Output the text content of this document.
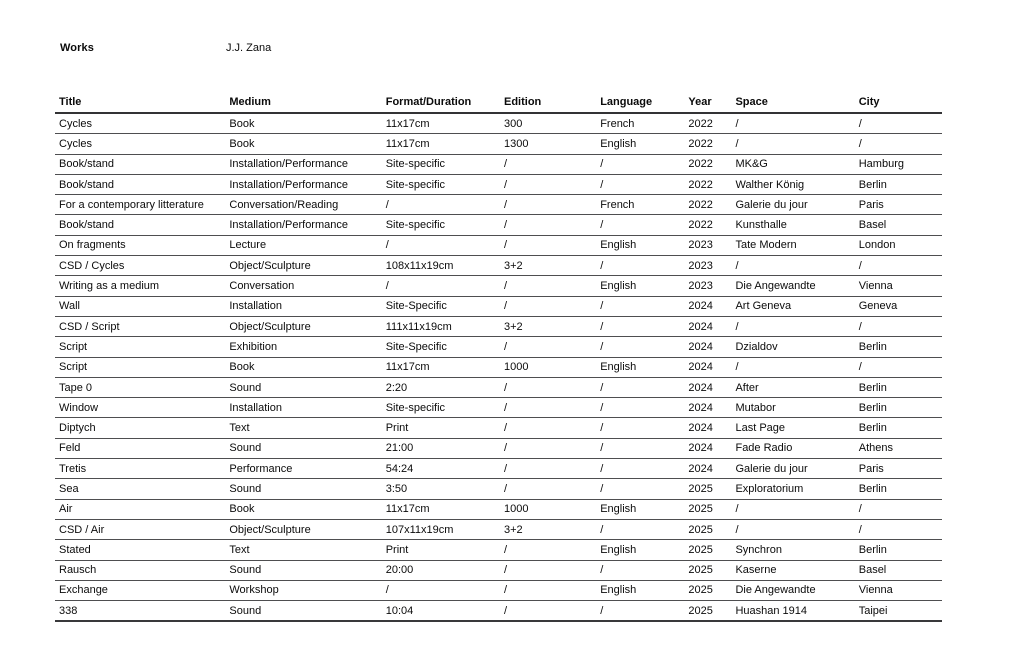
Works	J.J. Zana
Title	Medium	Format/Duration	Edition	Language	Year	Space	City
Cycles	Book	11x17cm	300	French	2022	/	/
Cycles	Book	11x17cm	1300	English	2022	/	/
Book/stand	Installation/Performance	Site-specific	/	/	2022	MK&G	Hamburg
Book/stand	Installation/Performance	Site-specific	/	/	2022	Walther König	Berlin
For a contemporary litterature	Conversation/Reading	/	/	French	2022	Galerie du jour	Paris
Book/stand	Installation/Performance	Site-specific	/	/	2022	Kunsthalle	Basel
On fragments	Lecture	/	/	English	2023	Tate Modern	London
CSD / Cycles	Object/Sculpture	108x11x19cm	3+2	/	2023	/	/
Writing as a medium	Conversation	/	/	English	2023	Die Angewandte	Vienna
Wall	Installation	Site-Specific	/	/	2024	Art Geneva	Geneva
CSD / Script	Object/Sculpture	111x11x19cm	3+2	/	2024	/	/
Script	Exhibition	Site-Specific	/	/	2024	Dzialdov	Berlin
Script	Book	11x17cm	1000	English	2024	/	/
Tape 0	Sound	2:20	/	/	2024	After	Berlin
Window	Installation	Site-specific	/	/	2024	Mutabor	Berlin
Diptych	Text	Print	/	/	2024	Last Page	Berlin
Feld	Sound	21:00	/	/	2024	Fade Radio	Athens
Tretis	Performance	54:24	/	/	2024	Galerie du jour	Paris
Sea	Sound	3:50	/	/	2025	Exploratorium	Berlin
Air	Book	11x17cm	1000	English	2025	/	/
CSD / Air	Object/Sculpture	107x11x19cm	3+2	/	2025	/	/
Stated	Text	Print	/	English	2025	Synchron	Berlin
Rausch	Sound	20:00	/	/	2025	Kaserne	Basel
Exchange	Workshop	/	/	English	2025	Die Angewandte	Vienna
338	Sound	10:04	/	/	2025	Huashan 1914	Taipei
